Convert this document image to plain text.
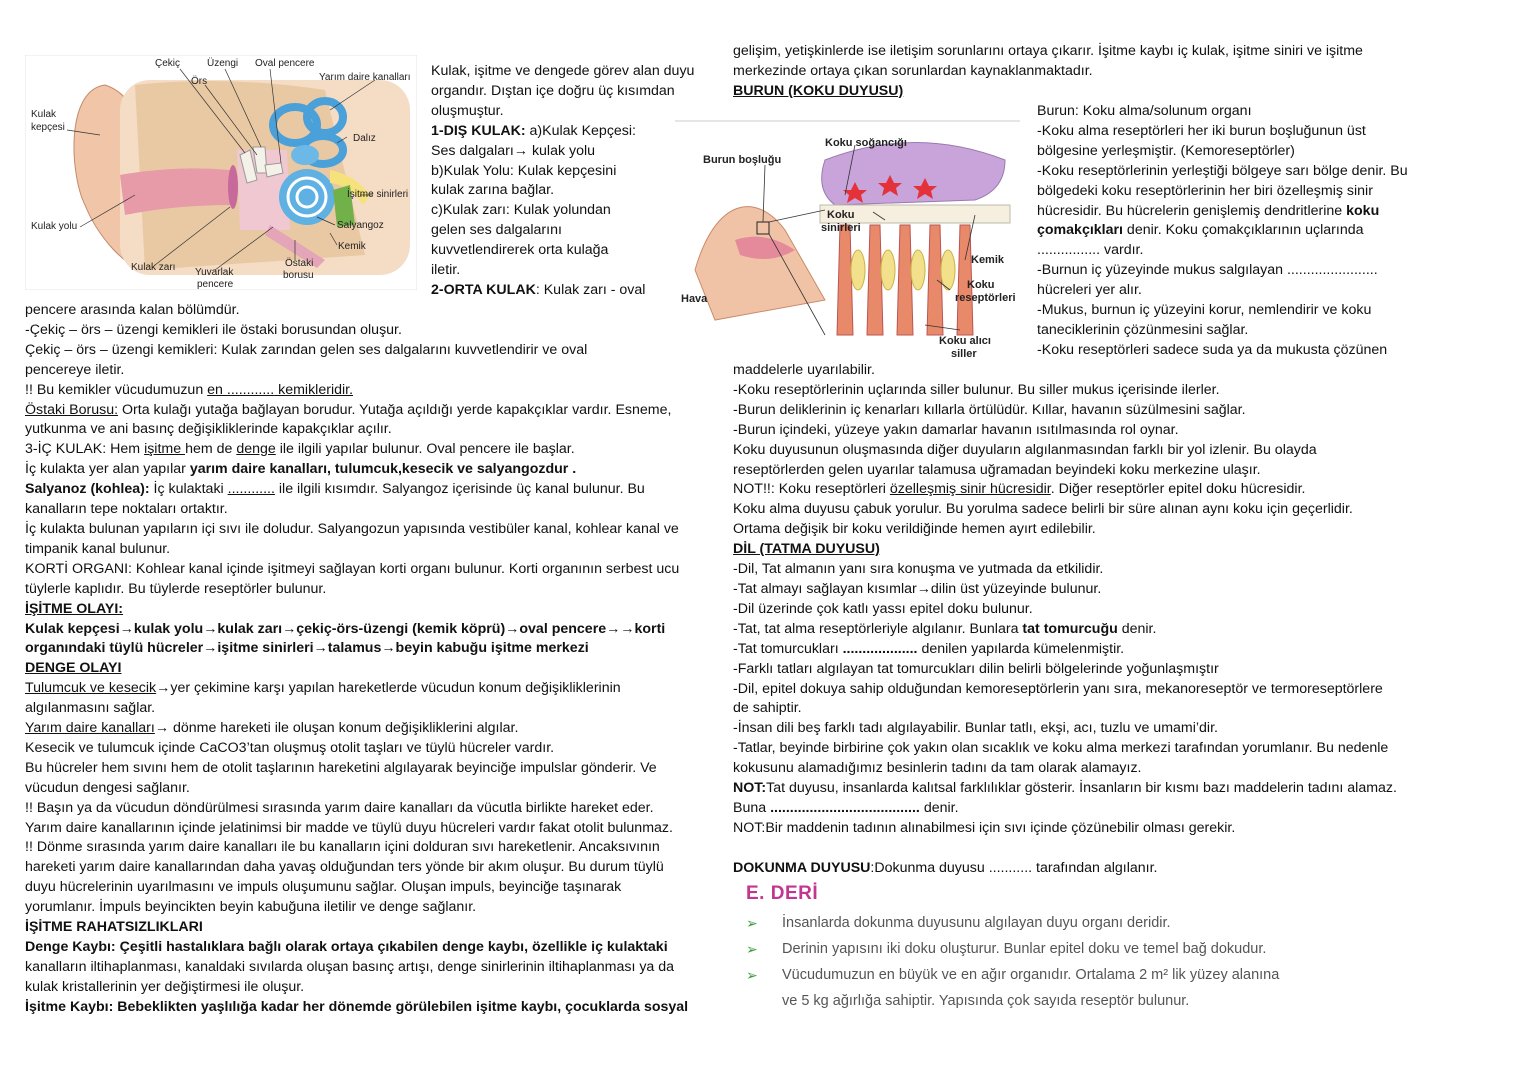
Çekiç	Üzengi Oval pencere
Örs	Yarım daire kanalları
Kulak
kepçesi
Dalız
İşitme sinirleri
Kulak yolu	Salyangoz
Kemik
Kulak zarı Yuvarlak
pencere
Östaki
borusu
Burun boşluğu
Koku soğancığı
Koku
sinirleri
Kemik
Koku
reseptörleri
Hava
Koku alıcı
siller

Kulak, işitme ve dengede görev alan duyu

organdır. Dıştan içe doğru üç kısımdan

oluşmuştur.

1-DIŞ KULAK: a)Kulak Kepçesi:

Ses dalgaları→ kulak yolu

b)Kulak Yolu: Kulak kepçesini

kulak zarına bağlar.

c)Kulak zarı: Kulak yolundan

gelen ses dalgalarını

kuvvetlendirerek orta kulağa

iletir.

2-ORTA KULAK: Kulak zarı - oval

pencere arasında kalan bölümdür.

-Çekiç – örs – üzengi kemikleri ile östaki borusundan oluşur.

Çekiç – örs – üzengi kemikleri: Kulak zarından gelen ses dalgalarını kuvvetlendirir ve oval

pencereye iletir.

!! Bu kemikler vücudumuzun en ............ kemikleridir.

Östaki Borusu: Orta kulağı yutağa bağlayan borudur. Yutağa açıldığı yerde kapakçıklar vardır. Esneme,

yutkunma ve ani basınç değişikliklerinde kapakçıklar açılır.

3-İÇ KULAK: Hem işitme hem de denge ile ilgili yapılar bulunur. Oval pencere ile başlar.

İç kulakta yer alan yapılar yarım daire kanalları, tulumcuk,kesecik ve salyangozdur .

Salyanoz (kohlea): İç kulaktaki ............ ile ilgili kısımdır. Salyangoz içerisinde üç kanal bulunur. Bu

kanalların tepe noktaları ortaktır.

İç kulakta bulunan yapıların içi sıvı ile doludur. Salyangozun yapısında vestibüler kanal, kohlear kanal ve

timpanik kanal bulunur.

KORTİ ORGANI: Kohlear kanal içinde işitmeyi sağlayan korti organı bulunur. Korti organının serbest ucu

tüylerle kaplıdır. Bu tüylerde reseptörler bulunur.

İŞİTME OLAYI:

Kulak kepçesi→kulak yolu→kulak zarı→çekiç-örs-üzengi (kemik köprü)→oval pencere→→korti

organındaki tüylü hücreler→işitme sinirleri→talamus→beyin kabuğu işitme merkezi

DENGE OLAYI

Tulumcuk ve kesecik→yer çekimine karşı yapılan hareketlerde vücudun konum değişikliklerinin

algılanmasını sağlar.

Yarım daire kanalları→ dönme hareketi ile oluşan konum değişikliklerini algılar.

Kesecik ve tulumcuk içinde CaCO3’tan oluşmuş otolit taşları ve tüylü hücreler vardır.

Bu hücreler hem sıvını hem de otolit taşlarının hareketini algılayarak beyinciğe impulslar gönderir. Ve

vücudun dengesi sağlanır.

!! Başın ya da vücudun döndürülmesi sırasında yarım daire kanalları da vücutla birlikte hareket eder.

Yarım daire kanallarının içinde jelatinimsi bir madde ve tüylü duyu hücreleri vardır fakat otolit bulunmaz.

!! Dönme sırasında yarım daire kanalları ile bu kanalların içini dolduran sıvı hareketlenir. Ancaksıvının

hareketi yarım daire kanallarından daha yavaş olduğundan ters yönde bir akım oluşur. Bu durum tüylü

duyu hücrelerinin uyarılmasını ve impuls oluşumunu sağlar. Oluşan impuls, beyinciğe taşınarak

yorumlanır. İmpuls beyincikten beyin kabuğuna iletilir ve denge sağlanır.

İŞİTME RAHATSIZLIKLARI

Denge Kaybı: Çeşitli hastalıklara bağlı olarak ortaya çıkabilen denge kaybı, özellikle iç kulaktaki

kanalların iltihaplanması, kanaldaki sıvılarda oluşan basınç artışı, denge sinirlerinin iltihaplanması ya da

kulak kristallerinin yer değiştirmesi ile oluşur.

İşitme Kaybı: Bebeklikten yaşlılığa kadar her dönemde görülebilen işitme kaybı, çocuklarda sosyal

gelişim, yetişkinlerde ise iletişim sorunlarını ortaya çıkarır. İşitme kaybı iç kulak, işitme siniri ve işitme

merkezinde ortaya çıkan sorunlardan kaynaklanmaktadır.

BURUN (KOKU DUYUSU)

Burun: Koku alma/solunum organı

-Koku alma reseptörleri her iki burun boşluğunun üst

bölgesine yerleşmiştir. (Kemoreseptörler)

-Koku reseptörlerinin yerleştiği bölgeye sarı bölge denir. Bu

bölgedeki koku reseptörlerinin her biri özelleşmiş sinir

hücresidir. Bu hücrelerin genişlemiş dendritlerine koku

çomakçıkları denir. Koku çomakçıklarının uçlarında

................ vardır.

-Burnun iç yüzeyinde mukus salgılayan .......................

hücreleri yer alır.

-Mukus, burnun iç yüzeyini korur, nemlendirir ve koku

taneciklerinin çözünmesini sağlar.

-Koku reseptörleri sadece suda ya da mukusta çözünen

maddelerle uyarılabilir.

-Koku reseptörlerinin uçlarında siller bulunur. Bu siller mukus içerisinde ilerler.

-Burun deliklerinin iç kenarları kıllarla örtülüdür. Kıllar, havanın süzülmesini sağlar.

-Burun içindeki, yüzeye yakın damarlar havanın ısıtılmasında rol oynar.

Koku duyusunun oluşmasında diğer duyuların algılanmasından farklı bir yol izlenir. Bu olayda

reseptörlerden gelen uyarılar talamusa uğramadan beyindeki koku merkezine ulaşır.

NOT!!: Koku reseptörleri özelleşmiş sinir hücresidir. Diğer reseptörler epitel doku hücresidir.

Koku alma duyusu çabuk yorulur. Bu yorulma sadece belirli bir süre alınan aynı koku için geçerlidir.

Ortama değişik bir koku verildiğinde hemen ayırt edilebilir.

DİL (TATMA DUYUSU)

-Dil, Tat almanın yanı sıra konuşma ve yutmada da etkilidir.

-Tat almayı sağlayan kısımlar→dilin üst yüzeyinde bulunur.

-Dil üzerinde çok katlı yassı epitel doku bulunur.

-Tat, tat alma reseptörleriyle algılanır. Bunlara tat tomurcuğu denir.

-Tat tomurcukları ................... denilen yapılarda kümelenmiştir.

-Farklı tatları algılayan tat tomurcukları dilin belirli bölgelerinde yoğunlaşmıştır

-Dil, epitel dokuya sahip olduğundan kemoreseptörlerin yanı sıra, mekanoreseptör ve termoreseptörlere

de sahiptir.

-İnsan dili beş farklı tadı algılayabilir. Bunlar tatlı, ekşi, acı, tuzlu ve umami’dir.

-Tatlar, beyinde birbirine çok yakın olan sıcaklık ve koku alma merkezi tarafından yorumlanır. Bu nedenle

kokusunu alamadığımız besinlerin tadını da tam olarak alamayız.

NOT:Tat duyusu, insanlarda kalıtsal farklılıklar gösterir. İnsanların bir kısmı bazı maddelerin tadını alamaz.

Buna ...................................... denir.

NOT:Bir maddenin tadının alınabilmesi için sıvı içinde çözünebilir olması gerekir.

DOKUNMA DUYUSU:Dokunma duyusu ........... tarafından algılanır.

E. DERİ
➢	İnsanlarda dokunma duyusunu algılayan duyu organı deridir.
➢	Derinin yapısını iki doku oluşturur. Bunlar epitel doku ve temel bağ dokudur.
➢	Vücudumuzun en büyük ve en ağır organıdır. Ortalama 2 m² lik yüzey alanına
ve 5 kg ağırlığa sahiptir. Yapısında çok sayıda reseptör bulunur.
